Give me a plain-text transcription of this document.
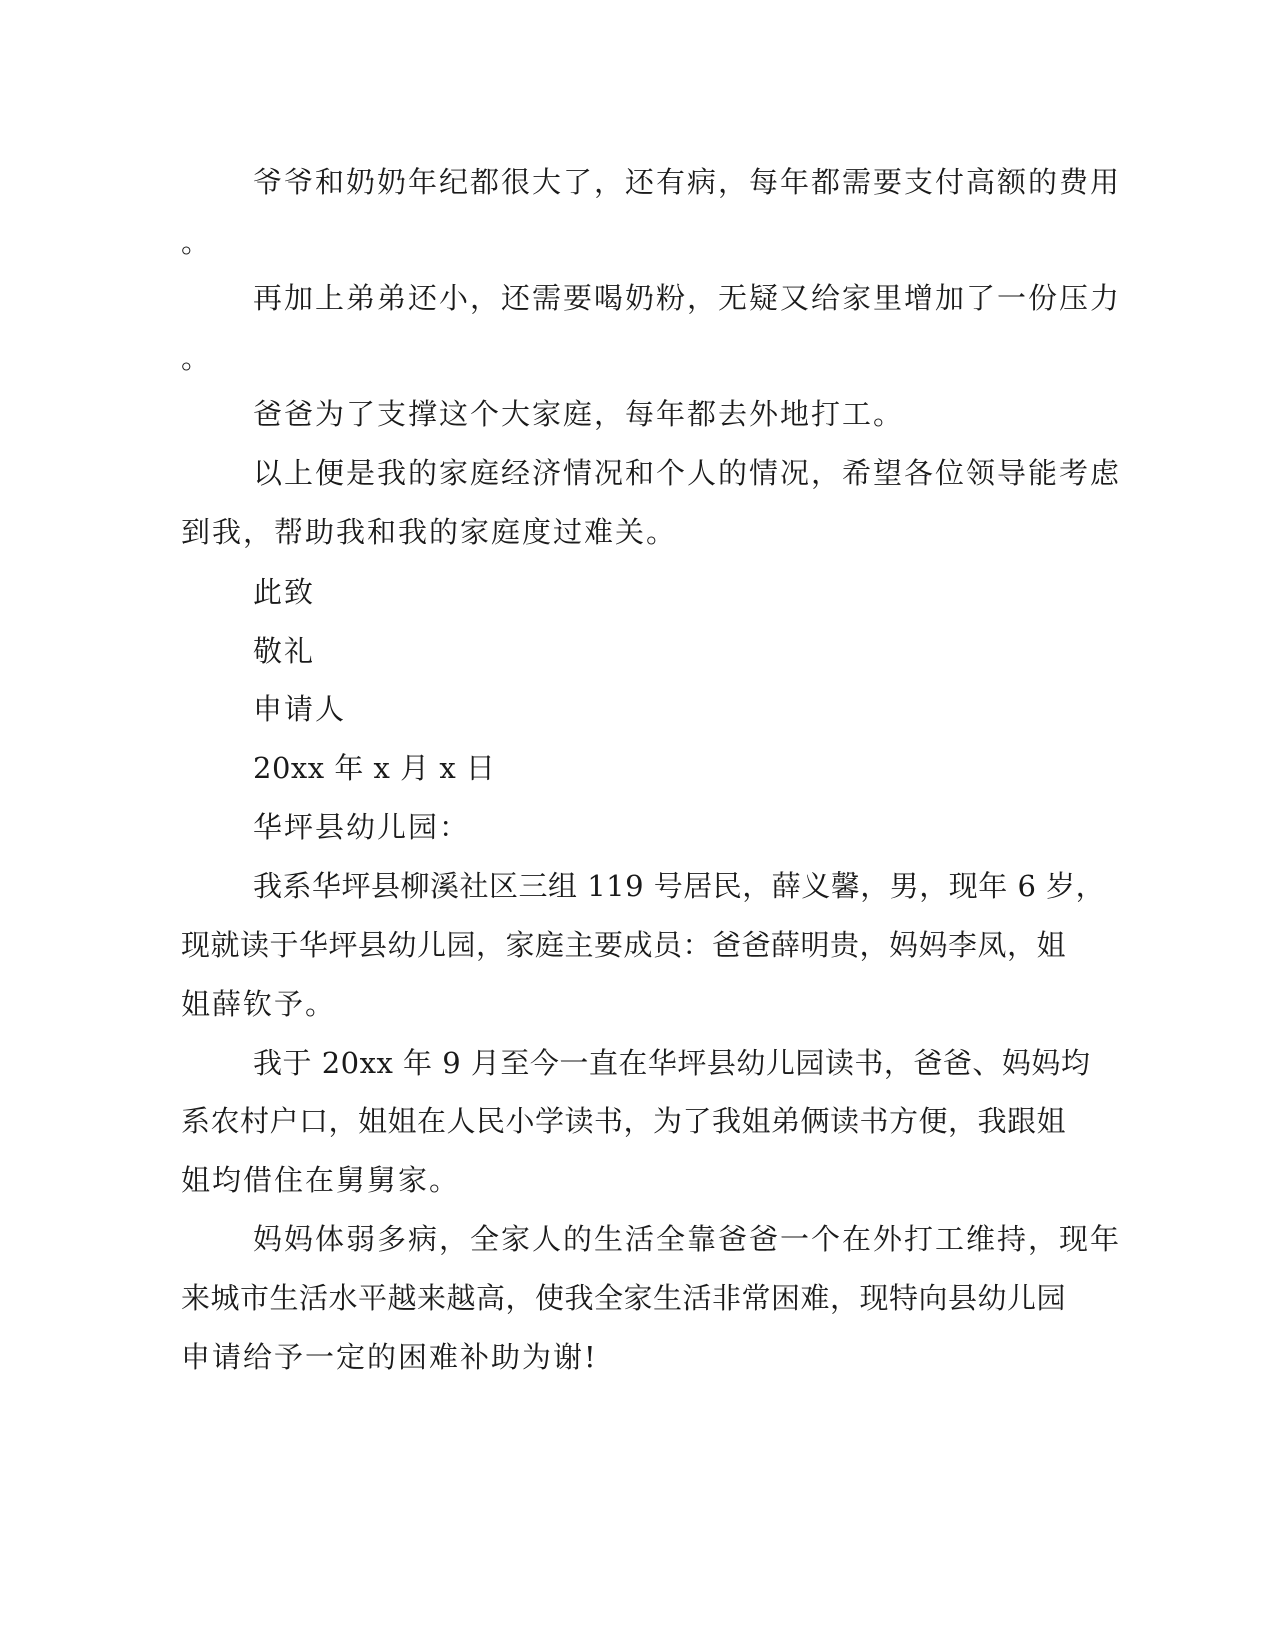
爷爷和奶奶年纪都很大了，还有病，每年都需要支付高额的费用
。
再加上弟弟还小，还需要喝奶粉，无疑又给家里增加了一份压力
。
爸爸为了支撑这个大家庭，每年都去外地打工。
以上便是我的家庭经济情况和个人的情况，希望各位领导能考虑
到我，帮助我和我的家庭度过难关。
此致
敬礼
申请人
20xx 年 x 月 x 日
华坪县幼儿园：
我系华坪县柳溪社区三组 119 号居民，薛义馨，男，现年 6 岁，
现就读于华坪县幼儿园，家庭主要成员：爸爸薛明贵，妈妈李凤，姐
姐薛钦予。
我于 20xx 年 9 月至今一直在华坪县幼儿园读书，爸爸、妈妈均
系农村户口，姐姐在人民小学读书，为了我姐弟俩读书方便，我跟姐
姐均借住在舅舅家。
妈妈体弱多病，全家人的生活全靠爸爸一个在外打工维持，现年
来城市生活水平越来越高，使我全家生活非常困难，现特向县幼儿园
申请给予一定的困难补助为谢!
